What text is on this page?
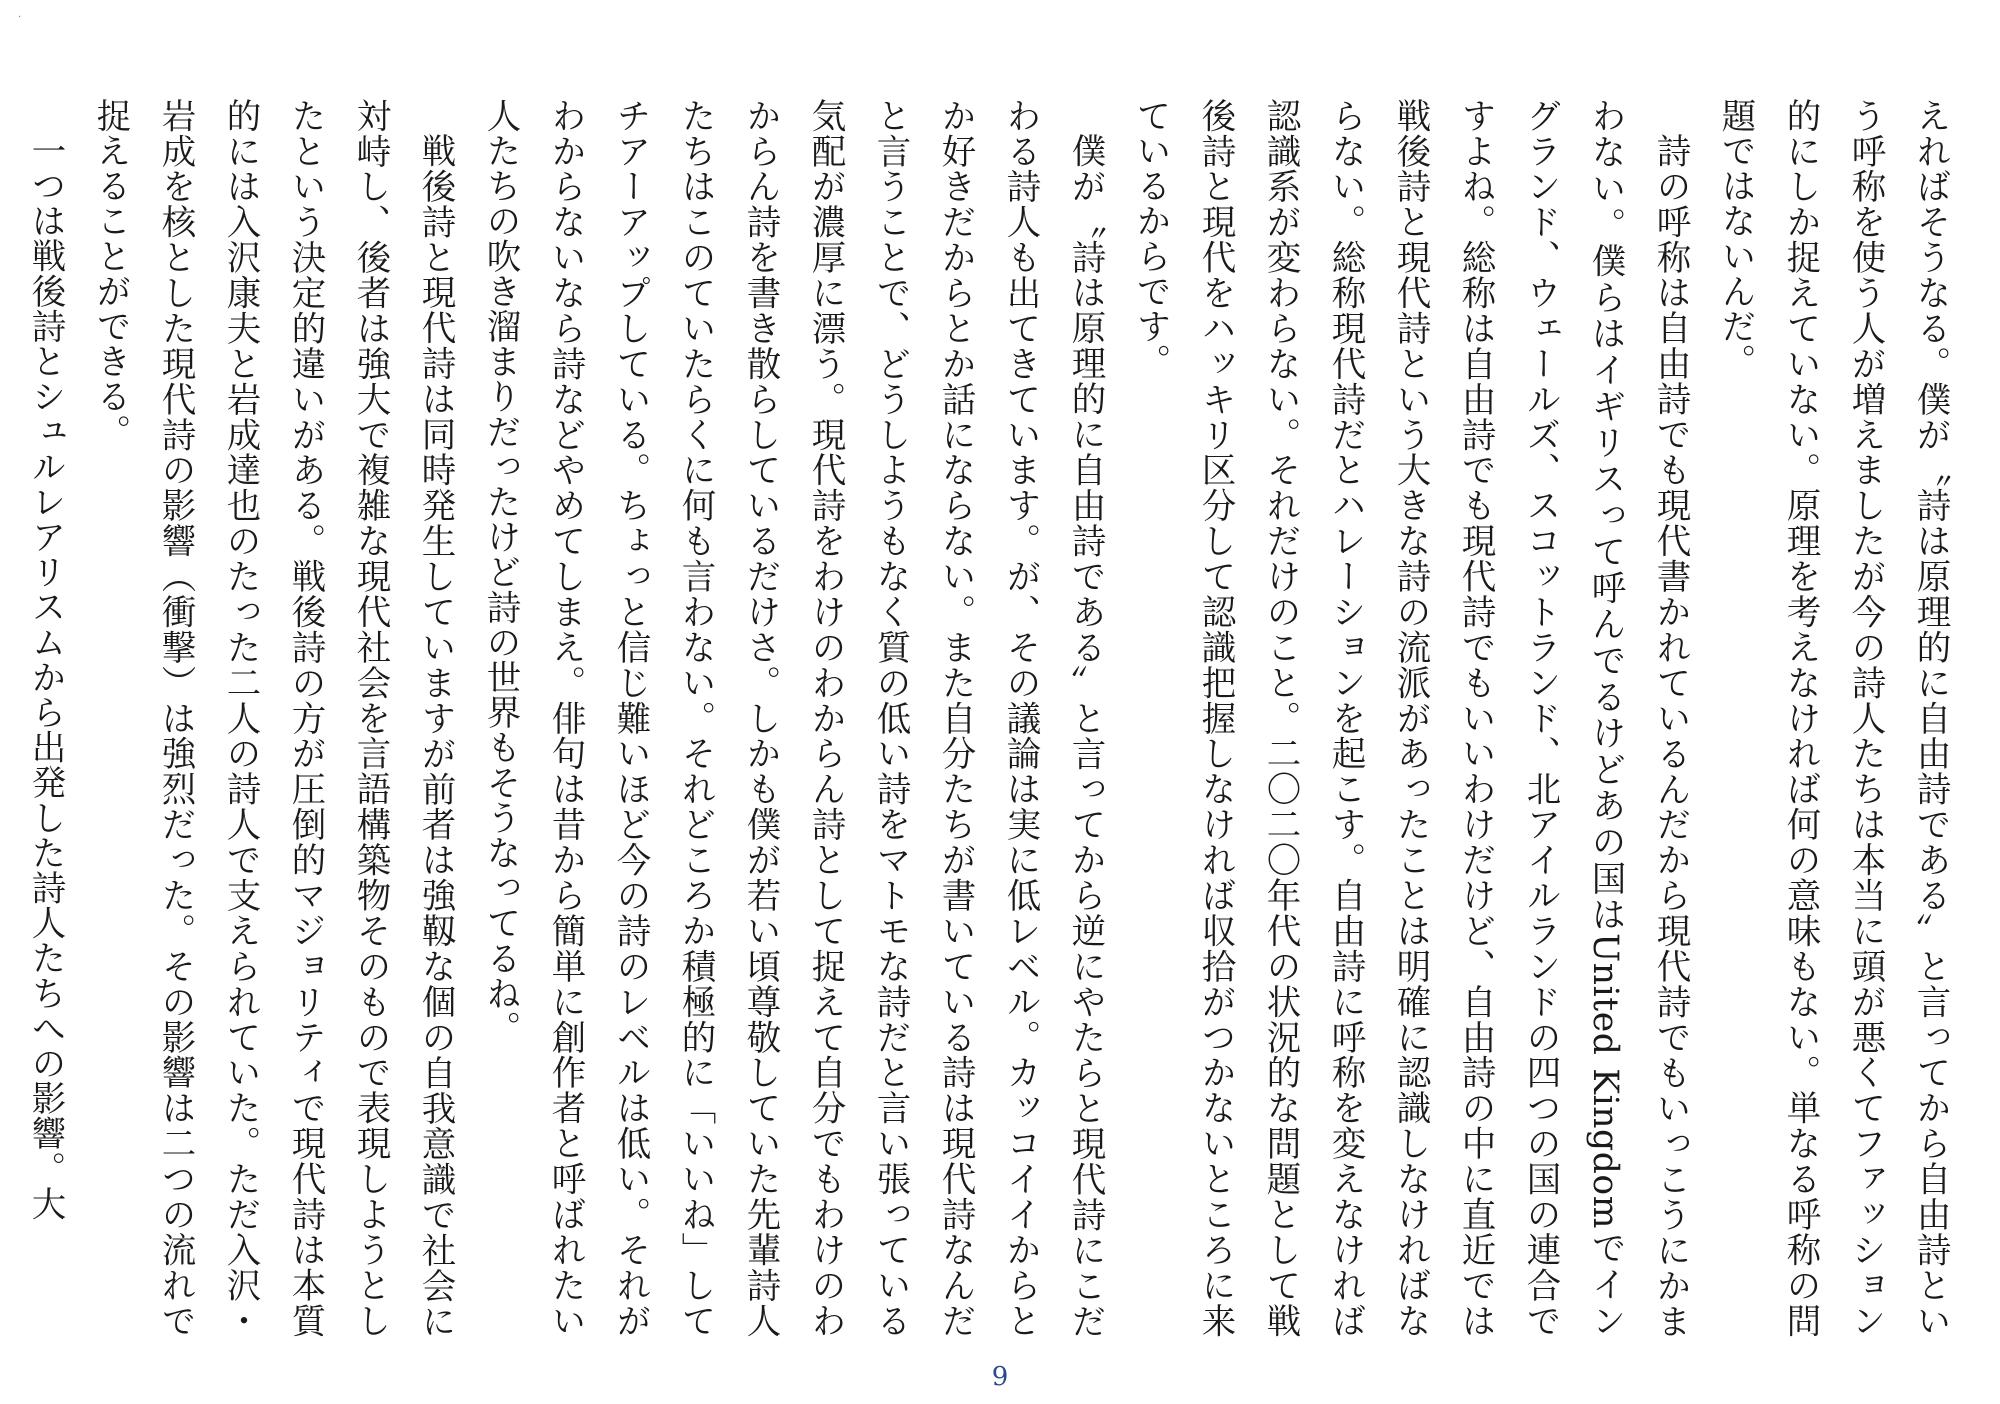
·

えればそうなる。僕が〝詩は原理的に自由詩である〟と言ってから自由詩という呼称を使う人が増えましたが今の詩人たちは本当に頭が悪くてファッション的にしか捉えていない。原理を考えなければ何の意味もない。単なる呼称の問題ではないんだ。

詩の呼称は自由詩でも現代書かれているんだから現代詩でもいっこうにかまわない。僕らはイギリスって呼んでるけどあの国はUnited Kingdomでイングランド、ウェールズ、スコットランド、北アイルランドの四つの国の連合ですよね。総称は自由詩でも現代詩でもいいわけだけど、自由詩の中に直近では戦後詩と現代詩という大きな詩の流派があったことは明確に認識しなければならない。総称現代詩だとハレーションを起こす。自由詩に呼称を変えなければ認識系が変わらない。それだけのこと。二〇二〇年代の状況的な問題として戦後詩と現代をハッキリ区分して認識把握しなければ収拾がつかないところに来ているからです。

僕が〝詩は原理的に自由詩である〟と言ってから逆にやたらと現代詩にこだわる詩人も出てきています。が、その議論は実に低レベル。カッコイイからとか好きだからとか話にならない。また自分たちが書いている詩は現代詩なんだと言うことで、どうしようもなく質の低い詩をマトモな詩だと言い張っている気配が濃厚に漂う。現代詩をわけのわからん詩として捉えて自分でもわけのわからん詩を書き散らしているだけさ。しかも僕が若い頃尊敬していた先輩詩人たちはこのていたらくに何も言わない。それどころか積極的に「いいね」してチアーアップしている。ちょっと信じ難いほど今の詩のレベルは低い。それがわからないなら詩などやめてしまえ。俳句は昔から簡単に創作者と呼ばれたい人たちの吹き溜まりだったけど詩の世界もそうなってるね。

戦後詩と現代詩は同時発生していますが前者は強靱な個の自我意識で社会に対峙し、後者は強大で複雑な現代社会を言語構築物そのもので表現しようとしたという決定的違いがある。戦後詩の方が圧倒的マジョリティで現代詩は本質的には入沢康夫と岩成達也のたった二人の詩人で支えられていた。ただ入沢・岩成を核とした現代詩の影響（衝撃）は強烈だった。その影響は二つの流れで捉えることができる。

一つは戦後詩とシュルレアリスムから出発した詩人たちへの影響。大

9
